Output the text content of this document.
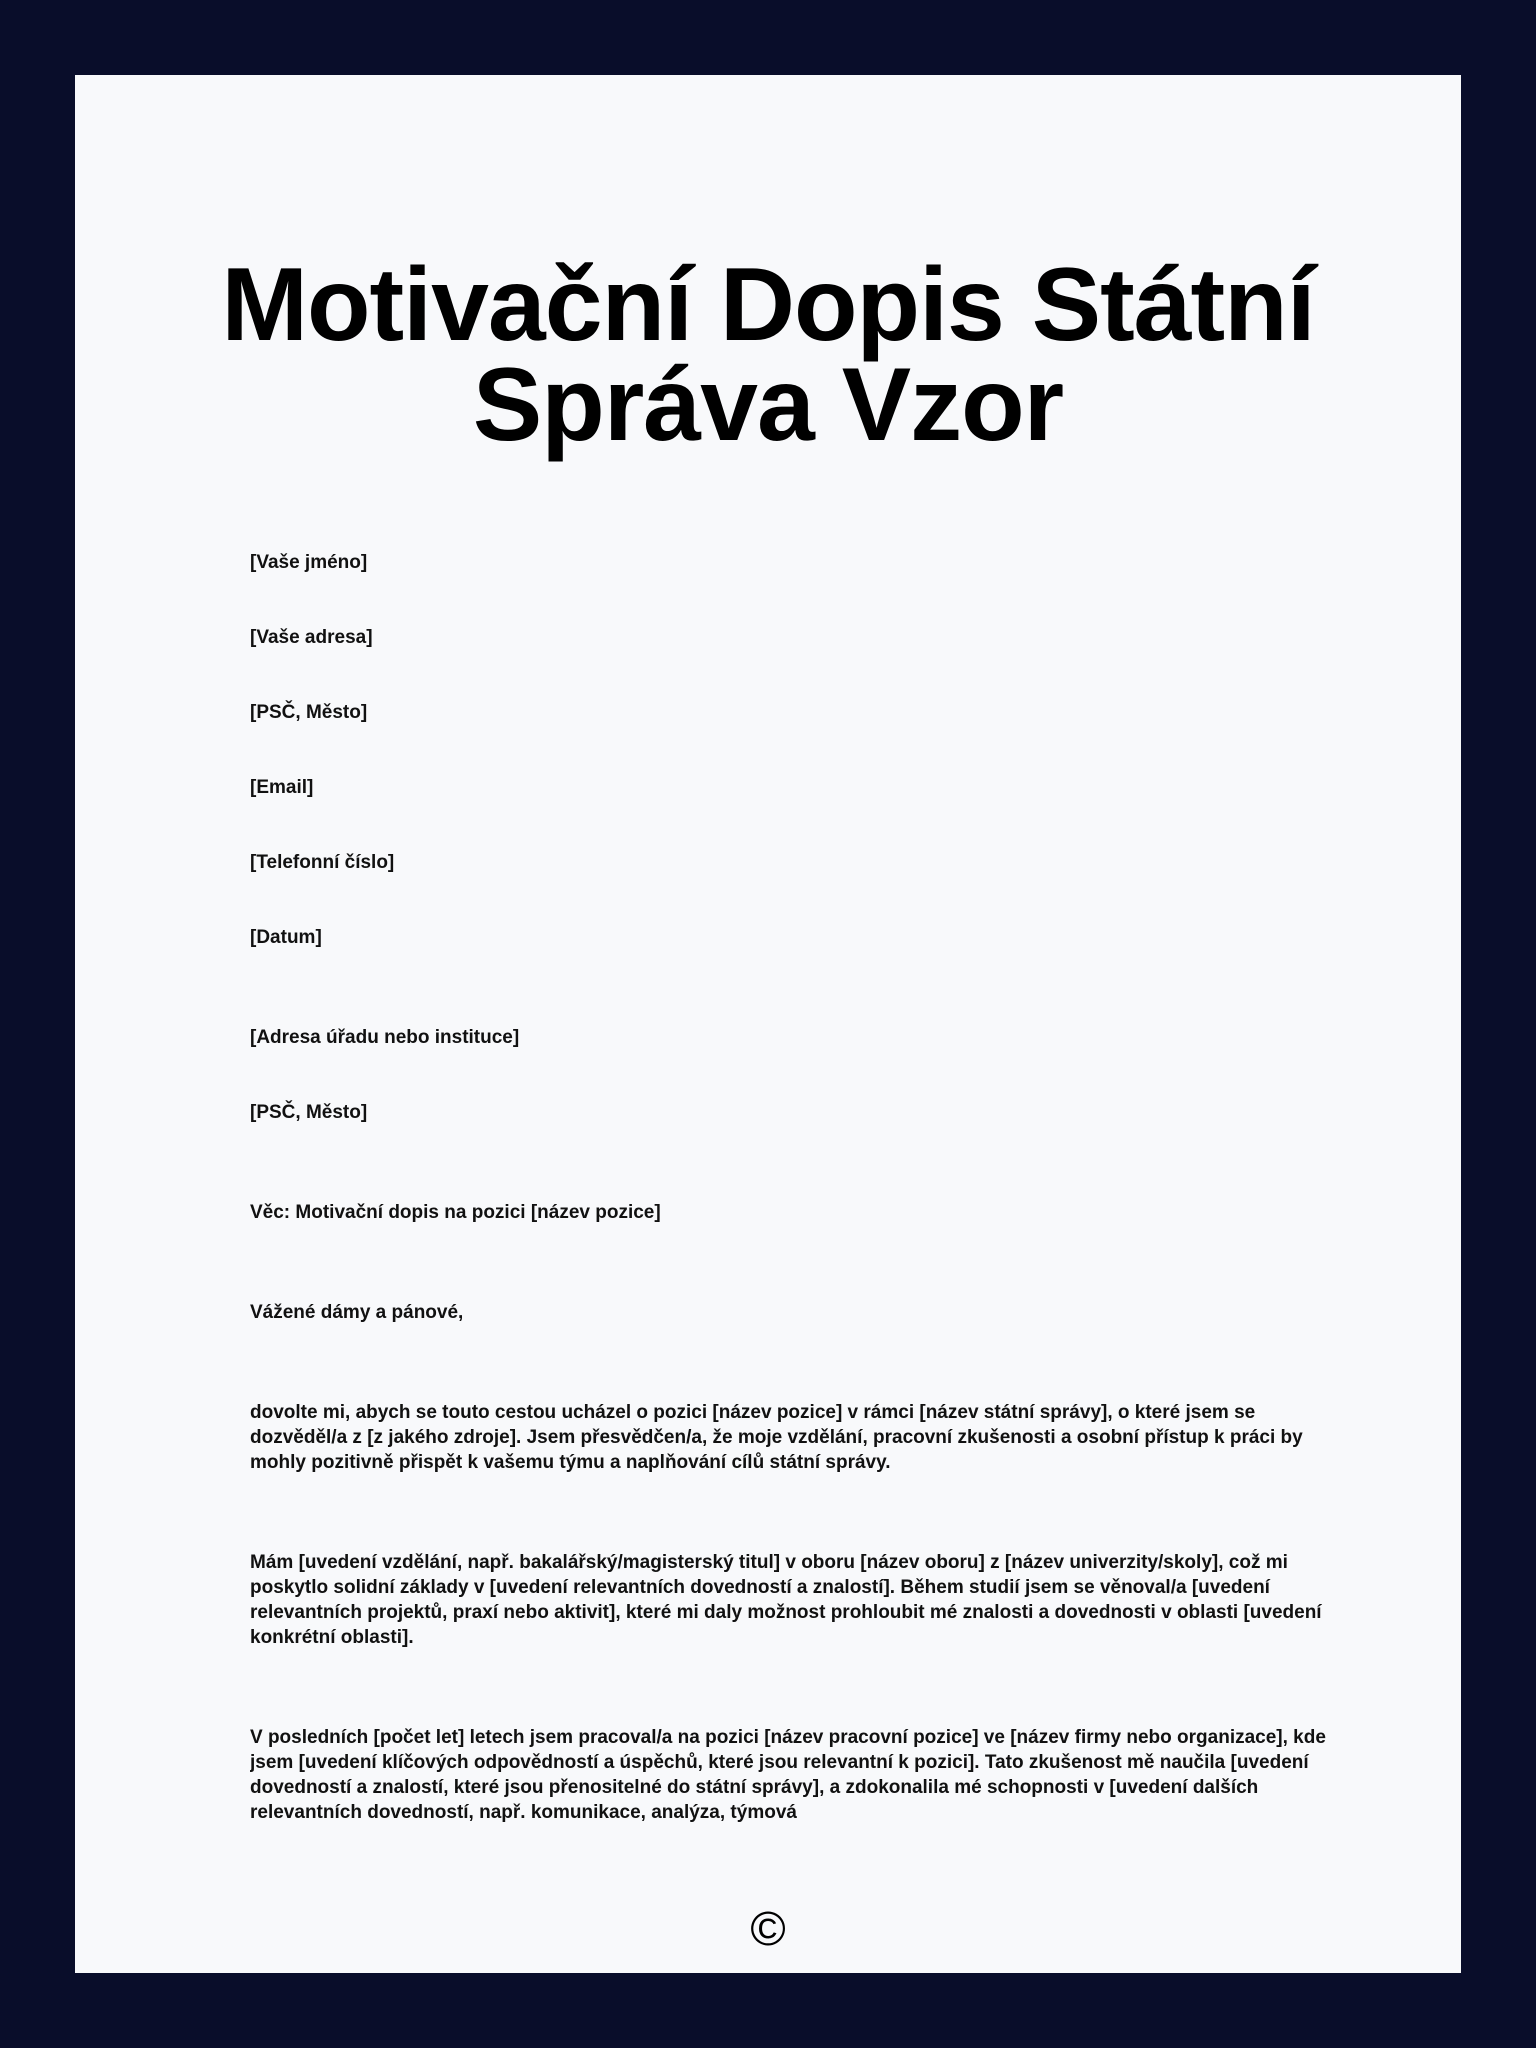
Motivační Dopis Státní Správa Vzor

[Vaše jméno]

[Vaše adresa]

[PSČ, Město]

[Email]

[Telefonní číslo]

[Datum]

[Adresa úřadu nebo instituce]

[PSČ, Město]

Věc: Motivační dopis na pozici [název pozice]

Vážené dámy a pánové,

dovolte mi, abych se touto cestou ucházel o pozici [název pozice] v rámci [název státní správy], o které jsem se dozvěděl/a z [z jakého zdroje]. Jsem přesvědčen/a, že moje vzdělání, pracovní zkušenosti a osobní přístup k práci by mohly pozitivně přispět k vašemu týmu a naplňování cílů státní správy.

Mám [uvedení vzdělání, např. bakalářský/magisterský titul] v oboru [název oboru] z [název univerzity/skoly], což mi poskytlo solidní základy v [uvedení relevantních dovedností a znalostí]. Během studií jsem se věnoval/a [uvedení relevantních projektů, praxí nebo aktivit], které mi daly možnost prohloubit mé znalosti a dovednosti v oblasti [uvedení konkrétní oblasti].

V posledních [počet let] letech jsem pracoval/a na pozici [název pracovní pozice] ve [název firmy nebo organizace], kde jsem [uvedení klíčových odpovědností a úspěchů, které jsou relevantní k pozici]. Tato zkušenost mě naučila [uvedení dovedností a znalostí, které jsou přenositelné do státní správy], a zdokonalila mé schopnosti v [uvedení dalších relevantních dovedností, např. komunikace, analýza, týmová

©
